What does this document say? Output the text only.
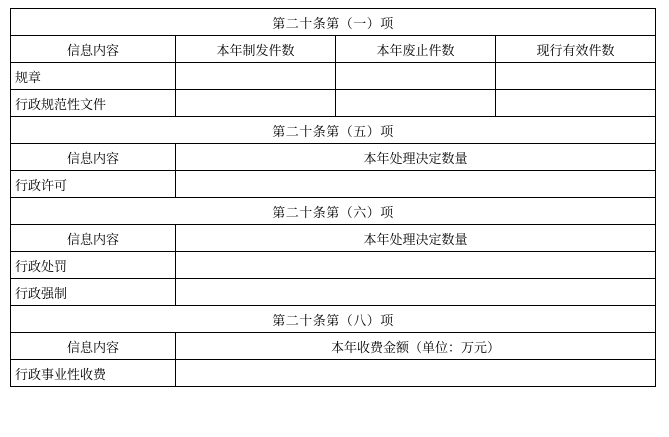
第二十条第（一）项			
信息内容	本年制发件数	本年废止件数	现行有效件数
规章			
行政规范性文件			
第二十条第（五）项			
信息内容	本年处理决定数量		
行政许可			
第二十条第（六）项			
信息内容	本年处理决定数量		
行政处罚			
行政强制			
第二十条第（八）项			
信息内容	本年收费金额（单位：万元）		
行政事业性收费			
